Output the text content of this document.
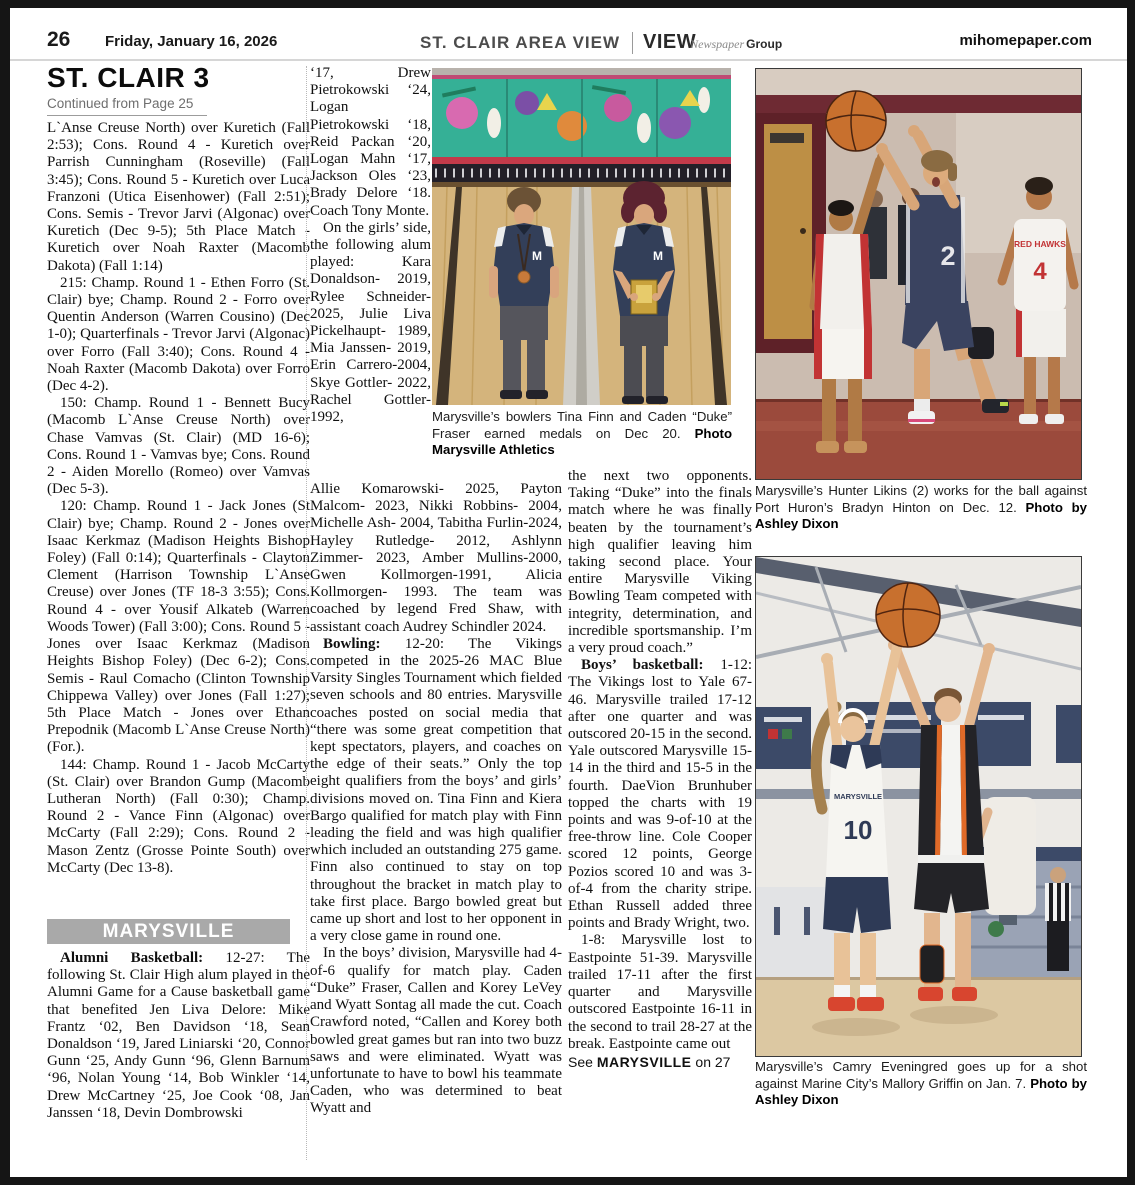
26 Friday, January 16, 2026	ST. CLAIR AREA VIEW VIEWNewspaper Group	mihomepaper.com
ST. CLAIR 3
Continued from Page 25

L`Anse Creuse North) over Kuretich (Fall 2:53); Cons. Round 4 - Kuretich over Parrish Cunningham (Roseville) (Fall 3:45); Cons. Round 5 - Kuretich over Luca Franzoni (Utica Eisenhower) (Fall 2:51); Cons. Semis - Trevor Jarvi (Algonac) over Kuretich (Dec 9-5); 5th Place Match - Kuretich over Noah Raxter (Macomb Dakota) (Fall 1:14)

215: Champ. Round 1 - Ethen Forro (St. Clair) bye; Champ. Round 2 - Forro over Quentin Anderson (Warren Cousino) (Dec 1-0); Quarterfinals - Trevor Jarvi (Algonac) over Forro (Fall 3:40); Cons. Round 4 - Noah Raxter (Macomb Dakota) over Forro (Dec 4-2).

150: Champ. Round 1 - Bennett Bucy (Macomb L`Anse Creuse North) over Chase Vamvas (St. Clair) (MD 16-6); Cons. Round 1 - Vamvas bye; Cons. Round 2 - Aiden Morello (Romeo) over Vamvas (Dec 5-3).

120: Champ. Round 1 - Jack Jones (St Clair) bye; Champ. Round 2 - Jones over Isaac Kerkmaz (Madison Heights Bishop Foley) (Fall 0:14); Quarterfinals - Clayton Clement (Harrison Township L`Anse Creuse) over Jones (TF 18-3 3:55); Cons. Round 4 - over Yousif Alkateb (Warren Woods Tower) (Fall 3:00); Cons. Round 5 - Jones over Isaac Kerkmaz (Madison Heights Bishop Foley) (Dec 6-2); Cons. Semis - Raul Comacho (Clinton Township Chippewa Valley) over Jones (Fall 1:27); 5th Place Match - Jones over Ethan Prepodnik (Macomb L`Anse Creuse North) (For.).

144: Champ. Round 1 - Jacob McCarty (St. Clair) over Brandon Gump (Macomb Lutheran North) (Fall 0:30); Champ. Round 2 - Vance Finn (Algonac) over McCarty (Fall 2:29); Cons. Round 2 - Mason Zentz (Grosse Pointe South) over McCarty (Dec 13-8).

MARYSVILLE

Alumni Basketball: 12-27: The following St. Clair High alum played in the Alumni Game for a Cause basketball game that benefited Jen Liva Delore: Mike Frantz ‘02, Ben Davidson ‘18, Sean Donaldson ‘19, Jared Liniarski ‘20, Connor Gunn ‘25, Andy Gunn ‘96, Glenn Barnum ‘96, Nolan Young ‘14, Bob Winkler ‘14, Drew McCartney ‘25, Joe Cook ‘08, Jan Janssen ‘18, Devin Dombrowski

‘17, Drew Pietrokowski ‘24, Logan Pietrokowski ‘18, Reid Packan ‘20, Logan Mahn ‘17, Jackson Oles ‘23, Brady Delore ‘18. Coach Tony Monte.

On the girls’ side, the following alum played: Kara Donaldson- 2019, Rylee Schneider- 2025, Julie Liva Pickelhaupt- 1989, Mia Janssen- 2019, Erin Carrero-2004, Skye Gottler- 2022, Rachel Gottler- 1992,

Allie Komarowski- 2025, Payton Malcom- 2023, Nikki Robbins- 2004, Michelle Ash- 2004, Tabitha Furlin-2024, Hayley Rutledge- 2012, Ashlynn Zimmer- 2023, Amber Mullins-2000, Gwen Kollmorgen-1991, Alicia Kollmorgen- 1993. The team was coached by legend Fred Shaw, with assistant coach Audrey Schindler 2024.

Bowling: 12-20: The Vikings competed in the 2025-26 MAC Blue Varsity Singles Tournament which fielded seven schools and 80 entries. Marysville coaches posted on social media that “there was some great competition that kept spectators, players, and coaches on the edge of their seats.” Only the top eight qualifiers from the boys’ and girls’ divisions moved on. Tina Finn and Kiera Bargo qualified for match play with Finn leading the field and was high qualifier which included an outstanding 275 game. Finn also continued to stay on top throughout the bracket in match play to take first place. Bargo bowled great but came up short and lost to her opponent in a very close game in round one.

In the boys’ division, Marysville had 4-of-6 qualify for match play. Caden “Duke” Fraser, Callen and Korey LeVey and Wyatt Sontag all made the cut. Coach Crawford noted, “Callen and Korey both bowled great games but ran into two buzz saws and were eliminated. Wyatt was unfortunate to have to bowl his teammate Caden, who was determined to beat Wyatt and

the next two opponents. Taking “Duke” into the finals match where he was finally beaten by the tournament’s high qualifier leaving him taking second place. Your entire Marysville Viking Bowling Team competed with integrity, determination, and incredible sportsmanship. I’m a very proud coach.”

Boys’ basketball: 1-12: The Vikings lost to Yale 67-46. Marysville trailed 17-12 after one quarter and was outscored 20-15 in the second. Yale outscored Marysville 15-14 in the third and 15-5 in the fourth. DaeVion Brunhuber topped the charts with 19 points and was 9-of-10 at the free-throw line. Cole Cooper scored 12 points, George Pozios scored 10 and was 3-of-4 from the charity stripe. Ethan Russell added three points and Brady Wright, two.

1-8: Marysville lost to Eastpointe 51-39. Marysville trailed 17-11 after the first quarter and Marysville outscored Eastpointe 16-11 in the second to trail 28-27 at the break. Eastpointe came out

See MARYSVILLE on 27

M	M
Marysville’s bowlers Tina Finn and Caden “Duke” Fraser earned medals on Dec 20. Photo Marysville Athletics
RED HAWKS
4
2
Marysville’s Hunter Likins (2) works for the ball against Port Huron’s Bradyn Hinton on Dec. 12. Photo by Ashley Dixon
MARYSVILLE
10
Marysville’s Camry Eveningred goes up for a shot against Marine City’s Mallory Griffin on Jan. 7. Photo by Ashley Dixon
